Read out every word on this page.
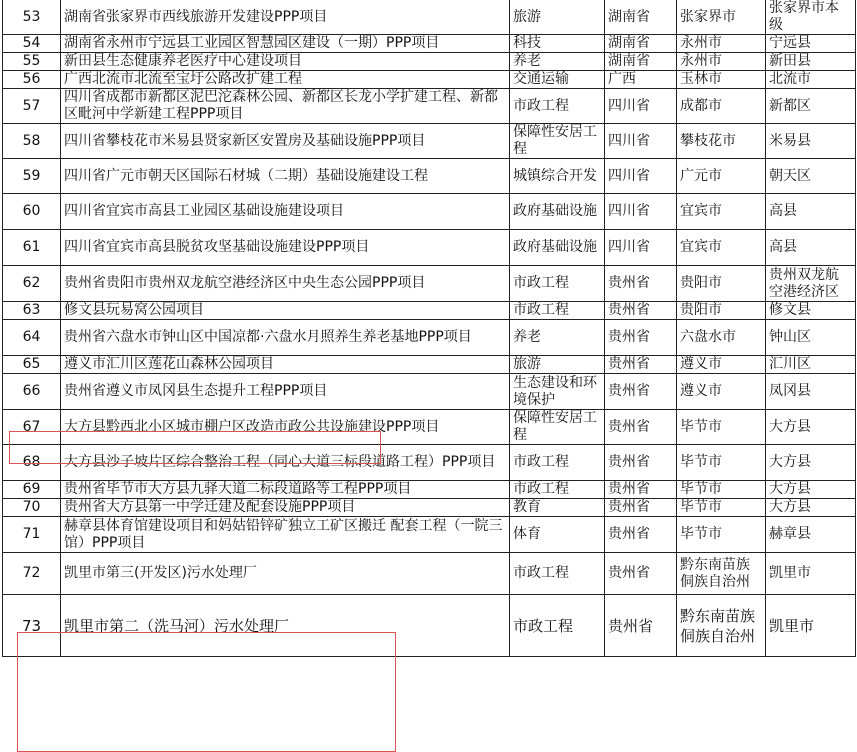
53	湖南省张家界市西线旅游开发建设PPP项目	旅游	湖南省	张家界市	张家界市本级
54	湖南省永州市宁远县工业园区智慧园区建设（一期）PPP项目	科技	湖南省	永州市	宁远县
55	新田县生态健康养老医疗中心建设项目	养老	湖南省	永州市	新田县
56	广西北流市北流至宝圩公路改扩建工程	交通运输	广西	玉林市	北流市
57	四川省成都市新都区泥巴沱森林公园、新都区长龙小学扩建工程、新都区毗河中学新建工程PPP项目	市政工程	四川省	成都市	新都区
58	四川省攀枝花市米易县贤家新区安置房及基础设施PPP项目	保障性安居工程	四川省	攀枝花市	米易县
59	四川省广元市朝天区国际石材城（二期）基础设施建设工程	城镇综合开发	四川省	广元市	朝天区
60	四川省宜宾市高县工业园区基础设施建设项目	政府基础设施	四川省	宜宾市	高县
61	四川省宜宾市高县脱贫攻坚基础设施建设PPP项目	政府基础设施	四川省	宜宾市	高县
62	贵州省贵阳市贵州双龙航空港经济区中央生态公园PPP项目	市政工程	贵州省	贵阳市	贵州双龙航空港经济区
63	修文县玩易窝公园项目	市政工程	贵州省	贵阳市	修文县
64	贵州省六盘水市钟山区中国凉都·六盘水月照养生养老基地PPP项目	养老	贵州省	六盘水市	钟山区
65	遵义市汇川区莲花山森林公园项目	旅游	贵州省	遵义市	汇川区
66	贵州省遵义市凤冈县生态提升工程PPP项目	生态建设和环境保护	贵州省	遵义市	凤冈县
67	大方县黔西北小区城市棚户区改造市政公共设施建设PPP项目	保障性安居工程	贵州省	毕节市	大方县
68	大方县沙子坡片区综合整治工程（同心大道三标段道路工程）PPP项目	市政工程	贵州省	毕节市	大方县
69	贵州省毕节市大方县九驿大道二标段道路等工程PPP项目	市政工程	贵州省	毕节市	大方县
70	贵州省大方县第一中学迁建及配套设施PPP项目	教育	贵州省	毕节市	大方县
71	赫章县体育馆建设项目和妈姑铅锌矿独立工矿区搬迁 配套工程（一院三馆）PPP项目	体育	贵州省	毕节市	赫章县
72	凯里市第三(开发区)污水处理厂	市政工程	贵州省	黔东南苗族侗族自治州	凯里市
73	凯里市第二（洗马河）污水处理厂	市政工程	贵州省	黔东南苗族侗族自治州	凯里市
